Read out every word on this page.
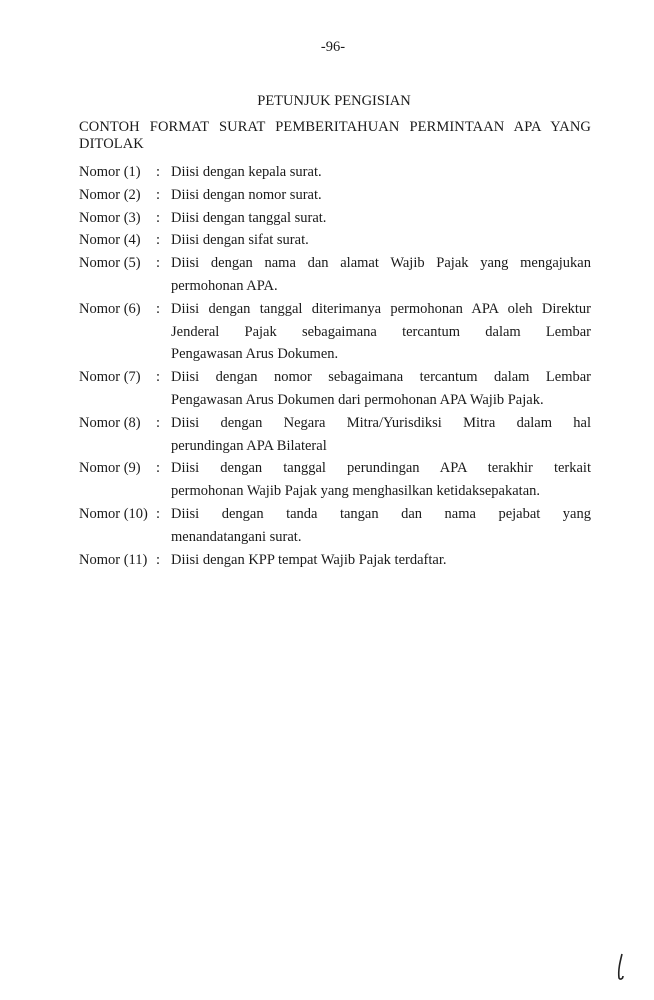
-96-
PETUNJUK PENGISIAN
CONTOH FORMAT SURAT PEMBERITAHUAN PERMINTAAN APA YANG DITOLAK
Nomor (1)	: Diisi dengan kepala surat.
Nomor (2)	: Diisi dengan nomor surat.
Nomor (3)	: Diisi dengan tanggal surat.
Nomor (4)	: Diisi dengan sifat surat.
Nomor (5)	: Diisi dengan nama dan alamat Wajib Pajak yang mengajukan
permohonan APA.
Nomor (6)	: Diisi dengan tanggal diterimanya permohonan APA oleh Direktur
Jenderal Pajak sebagaimana tercantum dalam Lembar
Pengawasan Arus Dokumen.
Nomor (7)	: Diisi dengan nomor sebagaimana tercantum dalam Lembar
Pengawasan Arus Dokumen dari permohonan APA Wajib Pajak.
Nomor (8)	: Diisi dengan Negara Mitra/Yurisdiksi Mitra dalam hal
perundingan APA Bilateral
Nomor (9)	: Diisi dengan tanggal perundingan APA terakhir terkait
permohonan Wajib Pajak yang menghasilkan ketidaksepakatan.
Nomor (10) : Diisi dengan tanda tangan dan nama pejabat yang
menandatangani surat.
Nomor (11) : Diisi dengan KPP tempat Wajib Pajak terdaftar.
